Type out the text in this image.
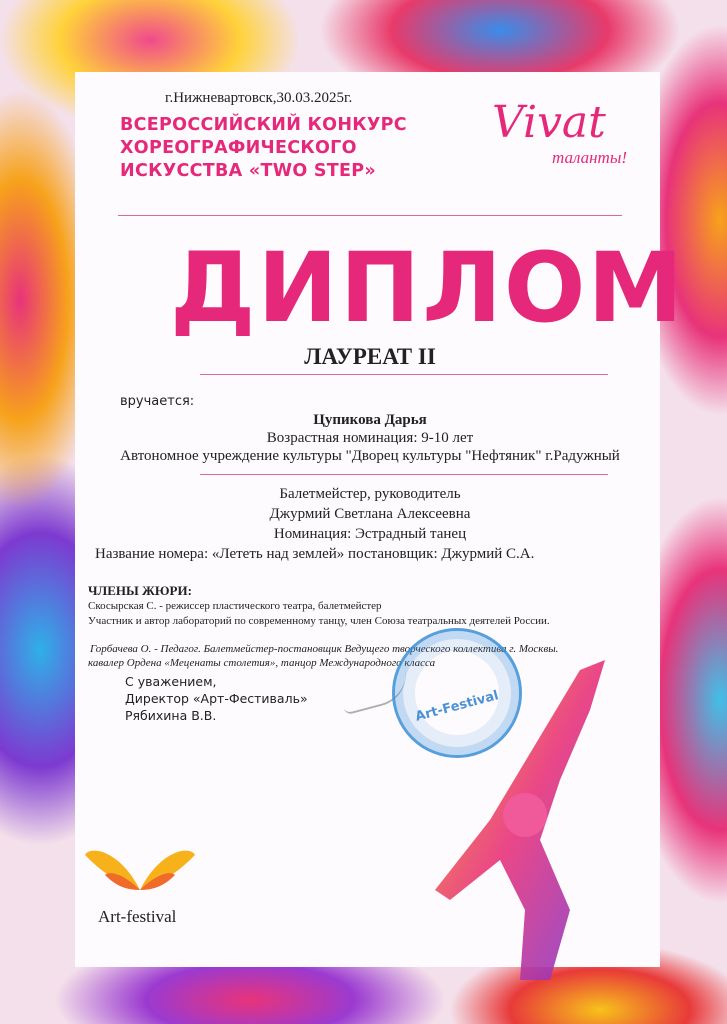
г.Нижневартовск,30.03.2025г.
ВСЕРОССИЙСКИЙ КОНКУРС
ХОРЕОГРАФИЧЕСКОГО
ИСКУССТВА «TWO STEP»
Vivat
таланты!
ДИПЛОМ
ЛАУРЕАТ II
вручается:
Цупикова Дарья
Возрастная номинация: 9-10 лет
Автономное учреждение культуры "Дворец культуры "Нефтяник" г.Радужный
Балетмейстер, руководитель
Джурмий Светлана Алексеевна
Номинация: Эстрадный танец
Название номера: «Лететь над землей» постановщик: Джурмий С.А.
ЧЛЕНЫ ЖЮРИ:
Скосырская С. - режиссер пластического театра, балетмейстер
Участник и автор лабораторий по современному танцу, член Союза театральных деятелей России.
Горбачева О. - Педагог. Балетмейстер-постановщик Ведущего творческого коллектива г. Москвы.
кавалер Ордена «Меценаты столетия», танцор Международного класса
С уважением,
Директор «Арт-Фестиваль»
Рябихина В.В.	Art-Festival
Art-festival
